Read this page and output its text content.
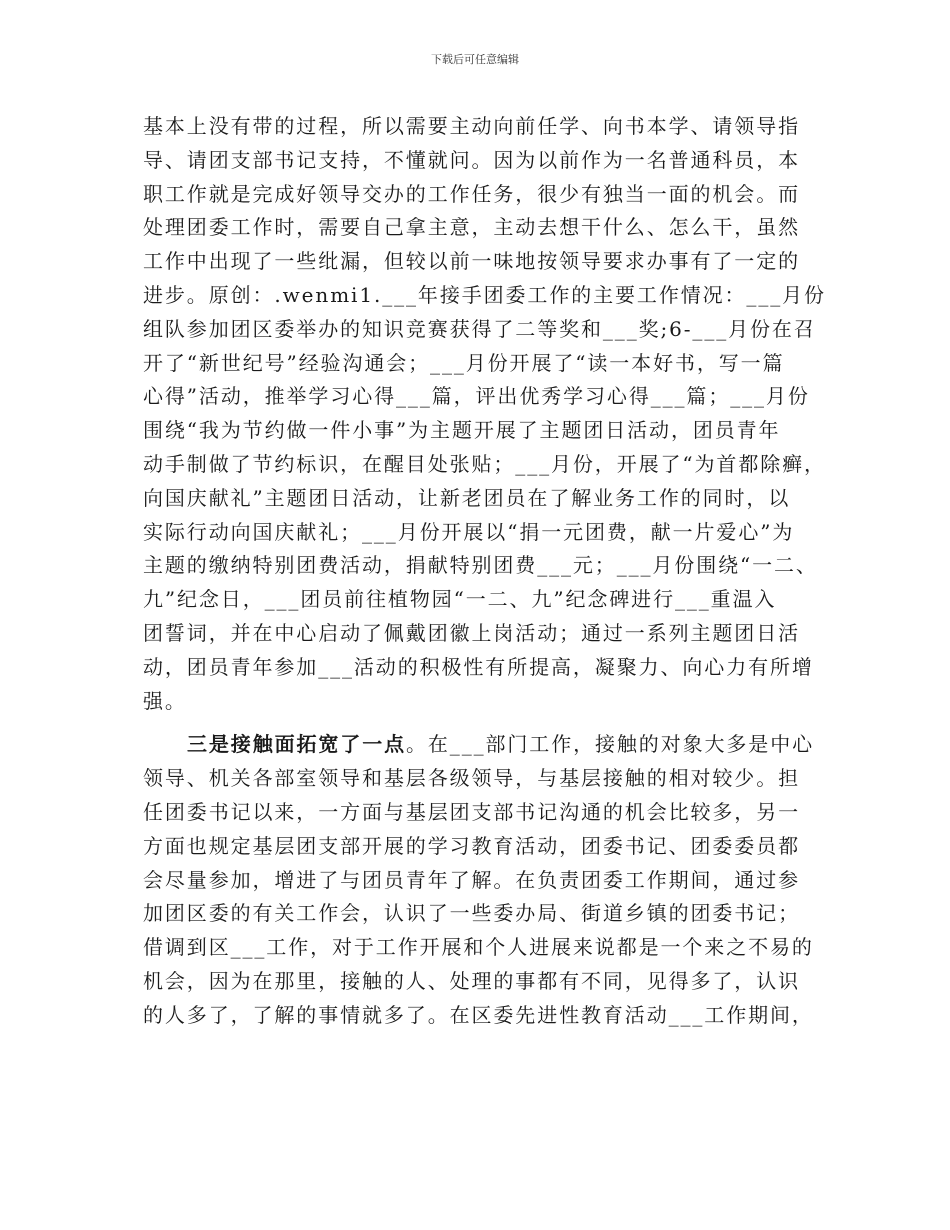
下载后可任意编辑
基本上没有带的过程，所以需要主动向前任学、向书本学、请领导指
导、请团支部书记支持，不懂就问。因为以前作为一名普通科员，本
职工作就是完成好领导交办的工作任务，很少有独当一面的机会。而
处理团委工作时，需要自己拿主意，主动去想干什么、怎么干，虽然
工作中出现了一些纰漏，但较以前一味地按领导要求办事有了一定的
进步。原创：.wenmi1.___年接手团委工作的主要工作情况：___月份
组队参加团区委举办的知识竞赛获得了二等奖和___奖;6-___月份在召
开了“新世纪号”经验沟通会；___月份开展了“读一本好书，写一篇
心得”活动，推举学习心得___篇，评出优秀学习心得___篇；___月份
围绕“我为节约做一件小事”为主题开展了主题团日活动，团员青年
动手制做了节约标识，在醒目处张贴；___月份，开展了“为首都除癣，
向国庆献礼”主题团日活动，让新老团员在了解业务工作的同时，以
实际行动向国庆献礼；___月份开展以“捐一元团费，献一片爱心”为
主题的缴纳特别团费活动，捐献特别团费___元；___月份围绕“一二、
九”纪念日，___团员前往植物园“一二、九”纪念碑进行___重温入
团誓词，并在中心启动了佩戴团徽上岗活动；通过一系列主题团日活
动，团员青年参加___活动的积极性有所提高，凝聚力、向心力有所增
强。
三是接触面拓宽了一点。在___部门工作，接触的对象大多是中心
领导、机关各部室领导和基层各级领导，与基层接触的相对较少。担
任团委书记以来，一方面与基层团支部书记沟通的机会比较多，另一
方面也规定基层团支部开展的学习教育活动，团委书记、团委委员都
会尽量参加，增进了与团员青年了解。在负责团委工作期间，通过参
加团区委的有关工作会，认识了一些委办局、街道乡镇的团委书记；
借调到区___工作，对于工作开展和个人进展来说都是一个来之不易的
机会，因为在那里，接触的人、处理的事都有不同，见得多了，认识
的人多了，了解的事情就多了。在区委先进性教育活动___工作期间，
